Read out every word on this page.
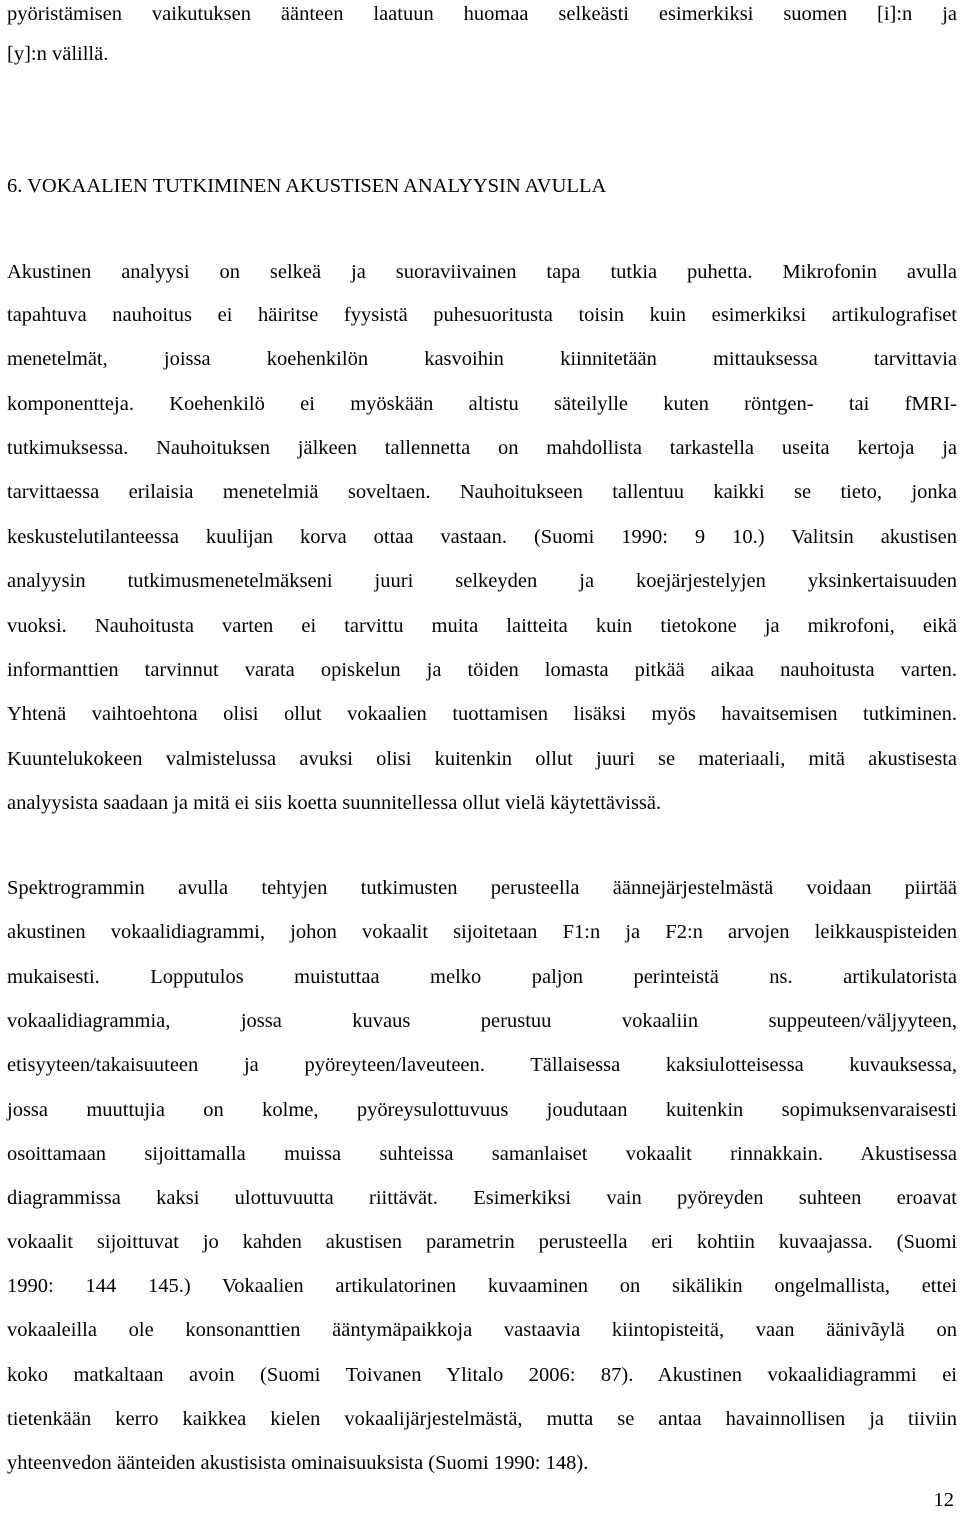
pyöristämisen vaikutuksen äänteen laatuun huomaa selkeästi esimerkiksi suomen [i]:n ja
[y]:n välillä.
6. VOKAALIEN TUTKIMINEN AKUSTISEN ANALYYSIN AVULLA
Akustinen analyysi on selkeä ja suoraviivainen tapa tutkia puhetta. Mikrofonin avulla
tapahtuva nauhoitus ei häiritse fyysistä puhesuoritusta toisin kuin esimerkiksi artikulografiset
menetelmät, joissa koehenkilön kasvoihin kiinnitetään mittauksessa tarvittavia
komponentteja. Koehenkilö ei myöskään altistu säteilylle kuten röntgen- tai fMRI-
tutkimuksessa. Nauhoituksen jälkeen tallennetta on mahdollista tarkastella useita kertoja ja
tarvittaessa erilaisia menetelmiä soveltaen. Nauhoitukseen tallentuu kaikki se tieto, jonka
keskustelutilanteessa kuulijan korva ottaa vastaan. (Suomi 1990: 9 10.) Valitsin akustisen
analyysin tutkimusmenetelmäkseni juuri selkeyden ja koejärjestelyjen yksinkertaisuuden
vuoksi. Nauhoitusta varten ei tarvittu muita laitteita kuin tietokone ja mikrofoni, eikä
informanttien tarvinnut varata opiskelun ja töiden lomasta pitkää aikaa nauhoitusta varten.
Yhtenä vaihtoehtona olisi ollut vokaalien tuottamisen lisäksi myös havaitsemisen tutkiminen.
Kuuntelukokeen valmistelussa avuksi olisi kuitenkin ollut juuri se materiaali, mitä akustisesta
analyysista saadaan ja mitä ei siis koetta suunnitellessa ollut vielä käytettävissä.
Spektrogrammin avulla tehtyjen tutkimusten perusteella äännejärjestelmästä voidaan piirtää
akustinen vokaalidiagrammi, johon vokaalit sijoitetaan F1:n ja F2:n arvojen leikkauspisteiden
mukaisesti. Lopputulos muistuttaa melko paljon perinteistä ns. artikulatorista
vokaalidiagrammia, jossa kuvaus perustuu vokaaliin suppeuteen/väljyyteen,
etisyyteen/takaisuuteen ja pyöreyteen/laveuteen. Tällaisessa kaksiulotteisessa kuvauksessa,
jossa muuttujia on kolme, pyöreysulottuvuus joudutaan kuitenkin sopimuksenvaraisesti
osoittamaan sijoittamalla muissa suhteissa samanlaiset vokaalit rinnakkain. Akustisessa
diagrammissa kaksi ulottuvuutta riittävät. Esimerkiksi vain pyöreyden suhteen eroavat
vokaalit sijoittuvat jo kahden akustisen parametrin perusteella eri kohtiin kuvaajassa. (Suomi
1990: 144 145.) Vokaalien artikulatorinen kuvaaminen on sikälikin ongelmallista, ettei
vokaaleilla ole konsonanttien ääntymäpaikkoja vastaavia kiintopisteitä, vaan äänivãylä on
koko matkaltaan avoin (Suomi Toivanen Ylitalo 2006: 87). Akustinen vokaalidiagrammi ei
tietenkään kerro kaikkea kielen vokaalijärjestelmästä, mutta se antaa havainnollisen ja tiiviin
yhteenvedon äänteiden akustisista ominaisuuksista (Suomi 1990: 148).
12
